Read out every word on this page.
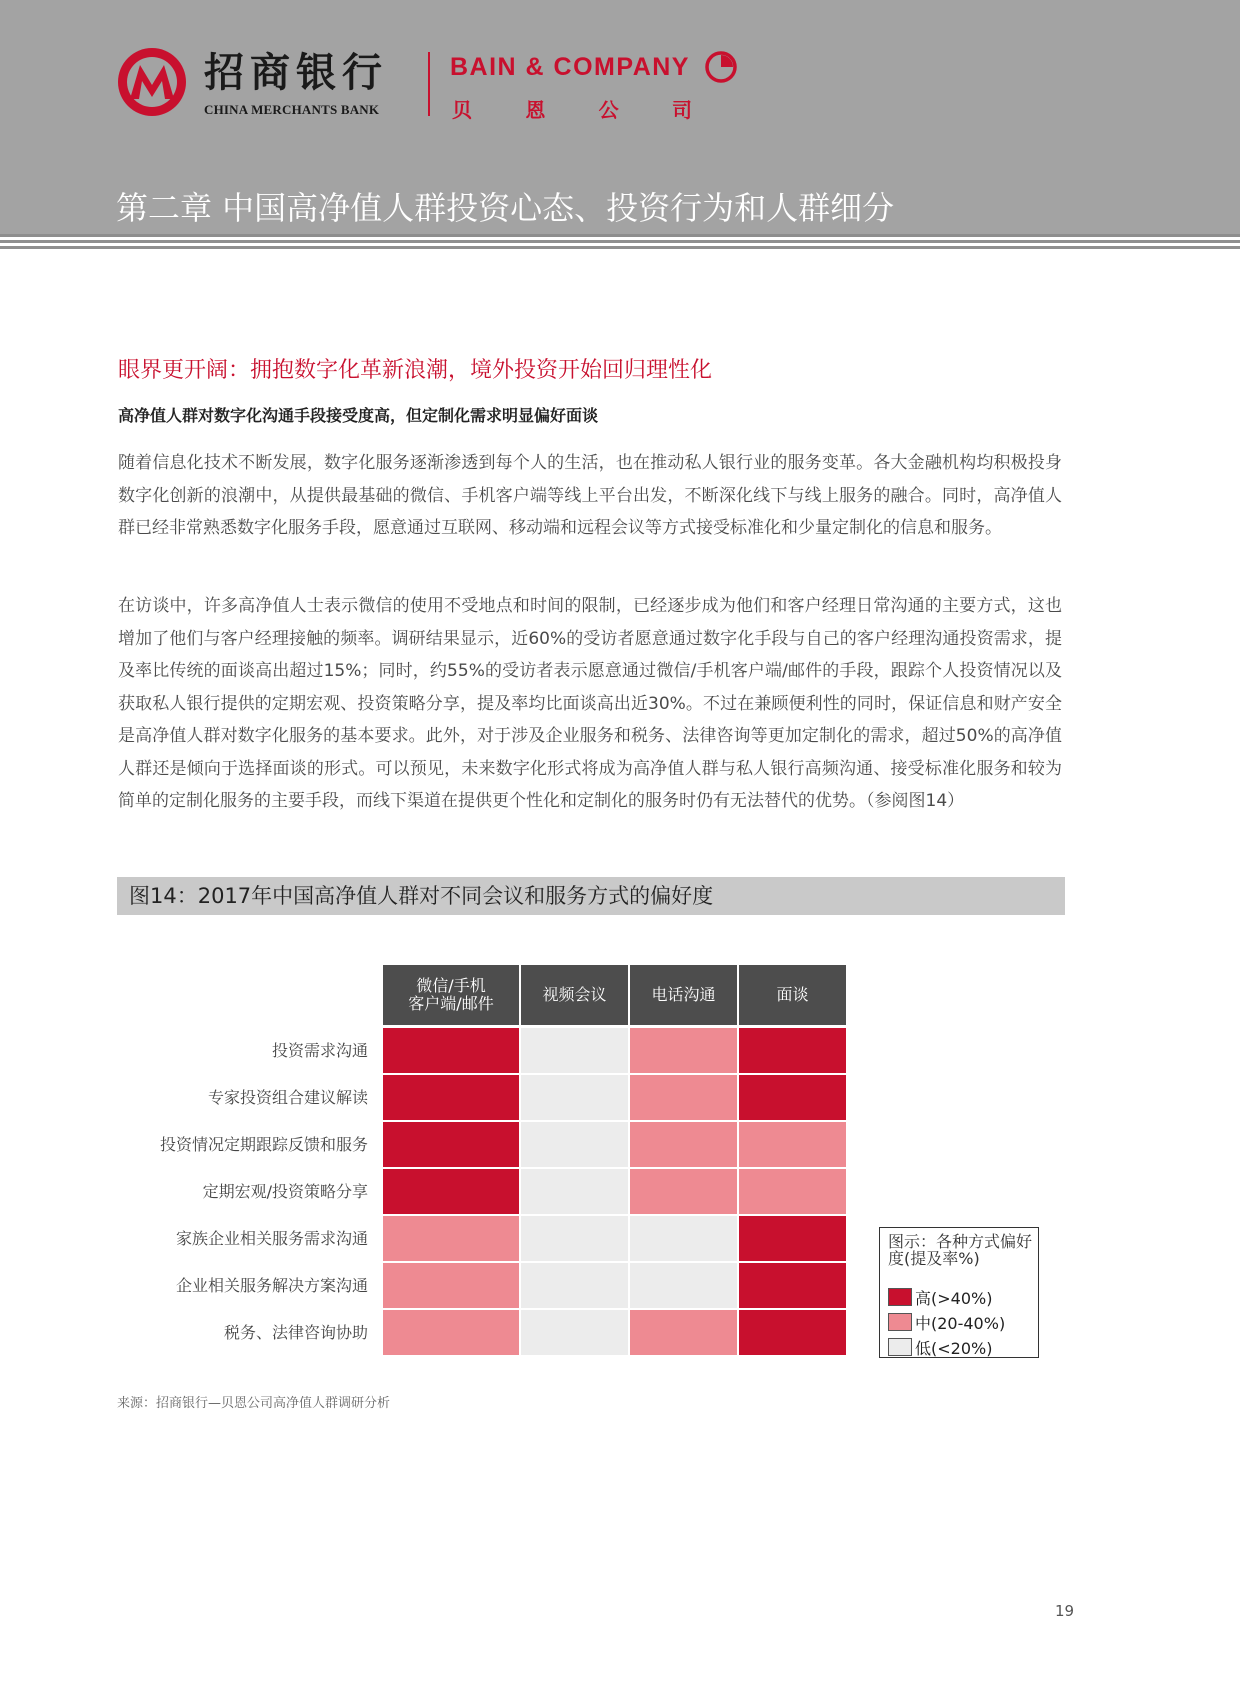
招商银行
CHINA MERCHANTS BANK
BAIN & COMPANY
贝	恩	公	司
第二章 中国高净值人群投资心态、投资行为和人群细分
眼界更开阔：拥抱数字化革新浪潮，境外投资开始回归理性化
高净值人群对数字化沟通手段接受度高，但定制化需求明显偏好面谈

随着信息化技术不断发展，数字化服务逐渐渗透到每个人的生活，也在推动私人银行业的服务变革。各大金融机构均积极投身数字化创新的浪潮中，从提供最基础的微信、手机客户端等线上平台出发，不断深化线下与线上服务的融合。同时，高净值人群已经非常熟悉数字化服务手段，愿意通过互联网、移动端和远程会议等方式接受标准化和少量定制化的信息和服务。

在访谈中，许多高净值人士表示微信的使用不受地点和时间的限制，已经逐步成为他们和客户经理日常沟通的主要方式，这也增加了他们与客户经理接触的频率。调研结果显示，近60%的受访者愿意通过数字化手段与自己的客户经理沟通投资需求，提及率比传统的面谈高出超过15%；同时，约55%的受访者表示愿意通过微信/手机客户端/邮件的手段，跟踪个人投资情况以及获取私人银行提供的定期宏观、投资策略分享，提及率均比面谈高出近30%。不过在兼顾便利性的同时，保证信息和财产安全是高净值人群对数字化服务的基本要求。此外，对于涉及企业服务和税务、法律咨询等更加定制化的需求，超过50%的高净值人群还是倾向于选择面谈的形式。可以预见，未来数字化形式将成为高净值人群与私人银行高频沟通、接受标准化服务和较为简单的定制化服务的主要手段，而线下渠道在提供更个性化和定制化的服务时仍有无法替代的优势。（参阅图14）

图14：2017年中国高净值人群对不同会议和服务方式的偏好度
微信/手机
客户端/邮件	视频会议	电话沟通	面谈
投资需求沟通
专家投资组合建议解读
投资情况定期跟踪反馈和服务
定期宏观/投资策略分享
家族企业相关服务需求沟通
企业相关服务解决方案沟通
税务、法律咨询协助
图示：各种方式偏好度(提及率%)
高(>40%)
中(20-40%)
低(<20%)
来源：招商银行—贝恩公司高净值人群调研分析
19
